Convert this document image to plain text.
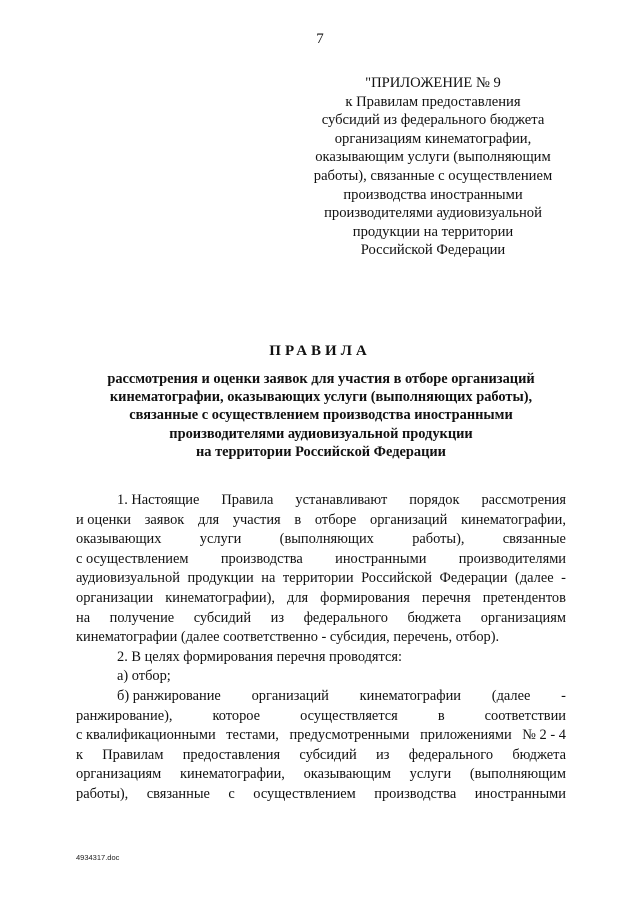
7
"ПРИЛОЖЕНИЕ № 9
к Правилам предоставления
субсидий из федерального бюджета
организациям кинематографии,
оказывающим услуги (выполняющим
работы), связанные с осуществлением
производства иностранными
производителями аудиовизуальной
продукции на территории
Российской Федерации
ПРАВИЛА
рассмотрения и оценки заявок для участия в отборе организаций
кинематографии, оказывающих услуги (выполняющих работы),
связанные с осуществлением производства иностранными
производителями аудиовизуальной продукции
на территории Российской Федерации
1. Настоящие Правила устанавливают порядок рассмотрения
и оценки заявок для участия в отборе организаций кинематографии,
оказывающих	услуги	(выполняющих	работы),	связанные
с осуществлением производства иностранными производителями
аудиовизуальной продукции на территории Российской Федерации (далее -
организации кинематографии), для формирования перечня претендентов
на получение субсидий из федерального бюджета организациям
кинематографии (далее соответственно - субсидия, перечень, отбор).
2. В целях формирования перечня проводятся:
а) отбор;
б) ранжирование организаций кинематографии (далее -
ранжирование),	которое	осуществляется	в	соответствии
с квалификационными тестами, предусмотренными приложениями № 2 - 4
к Правилам предоставления субсидий из федерального бюджета
организациям кинематографии, оказывающим услуги (выполняющим
работы), связанные с осуществлением производства иностранными
4934317.doc
